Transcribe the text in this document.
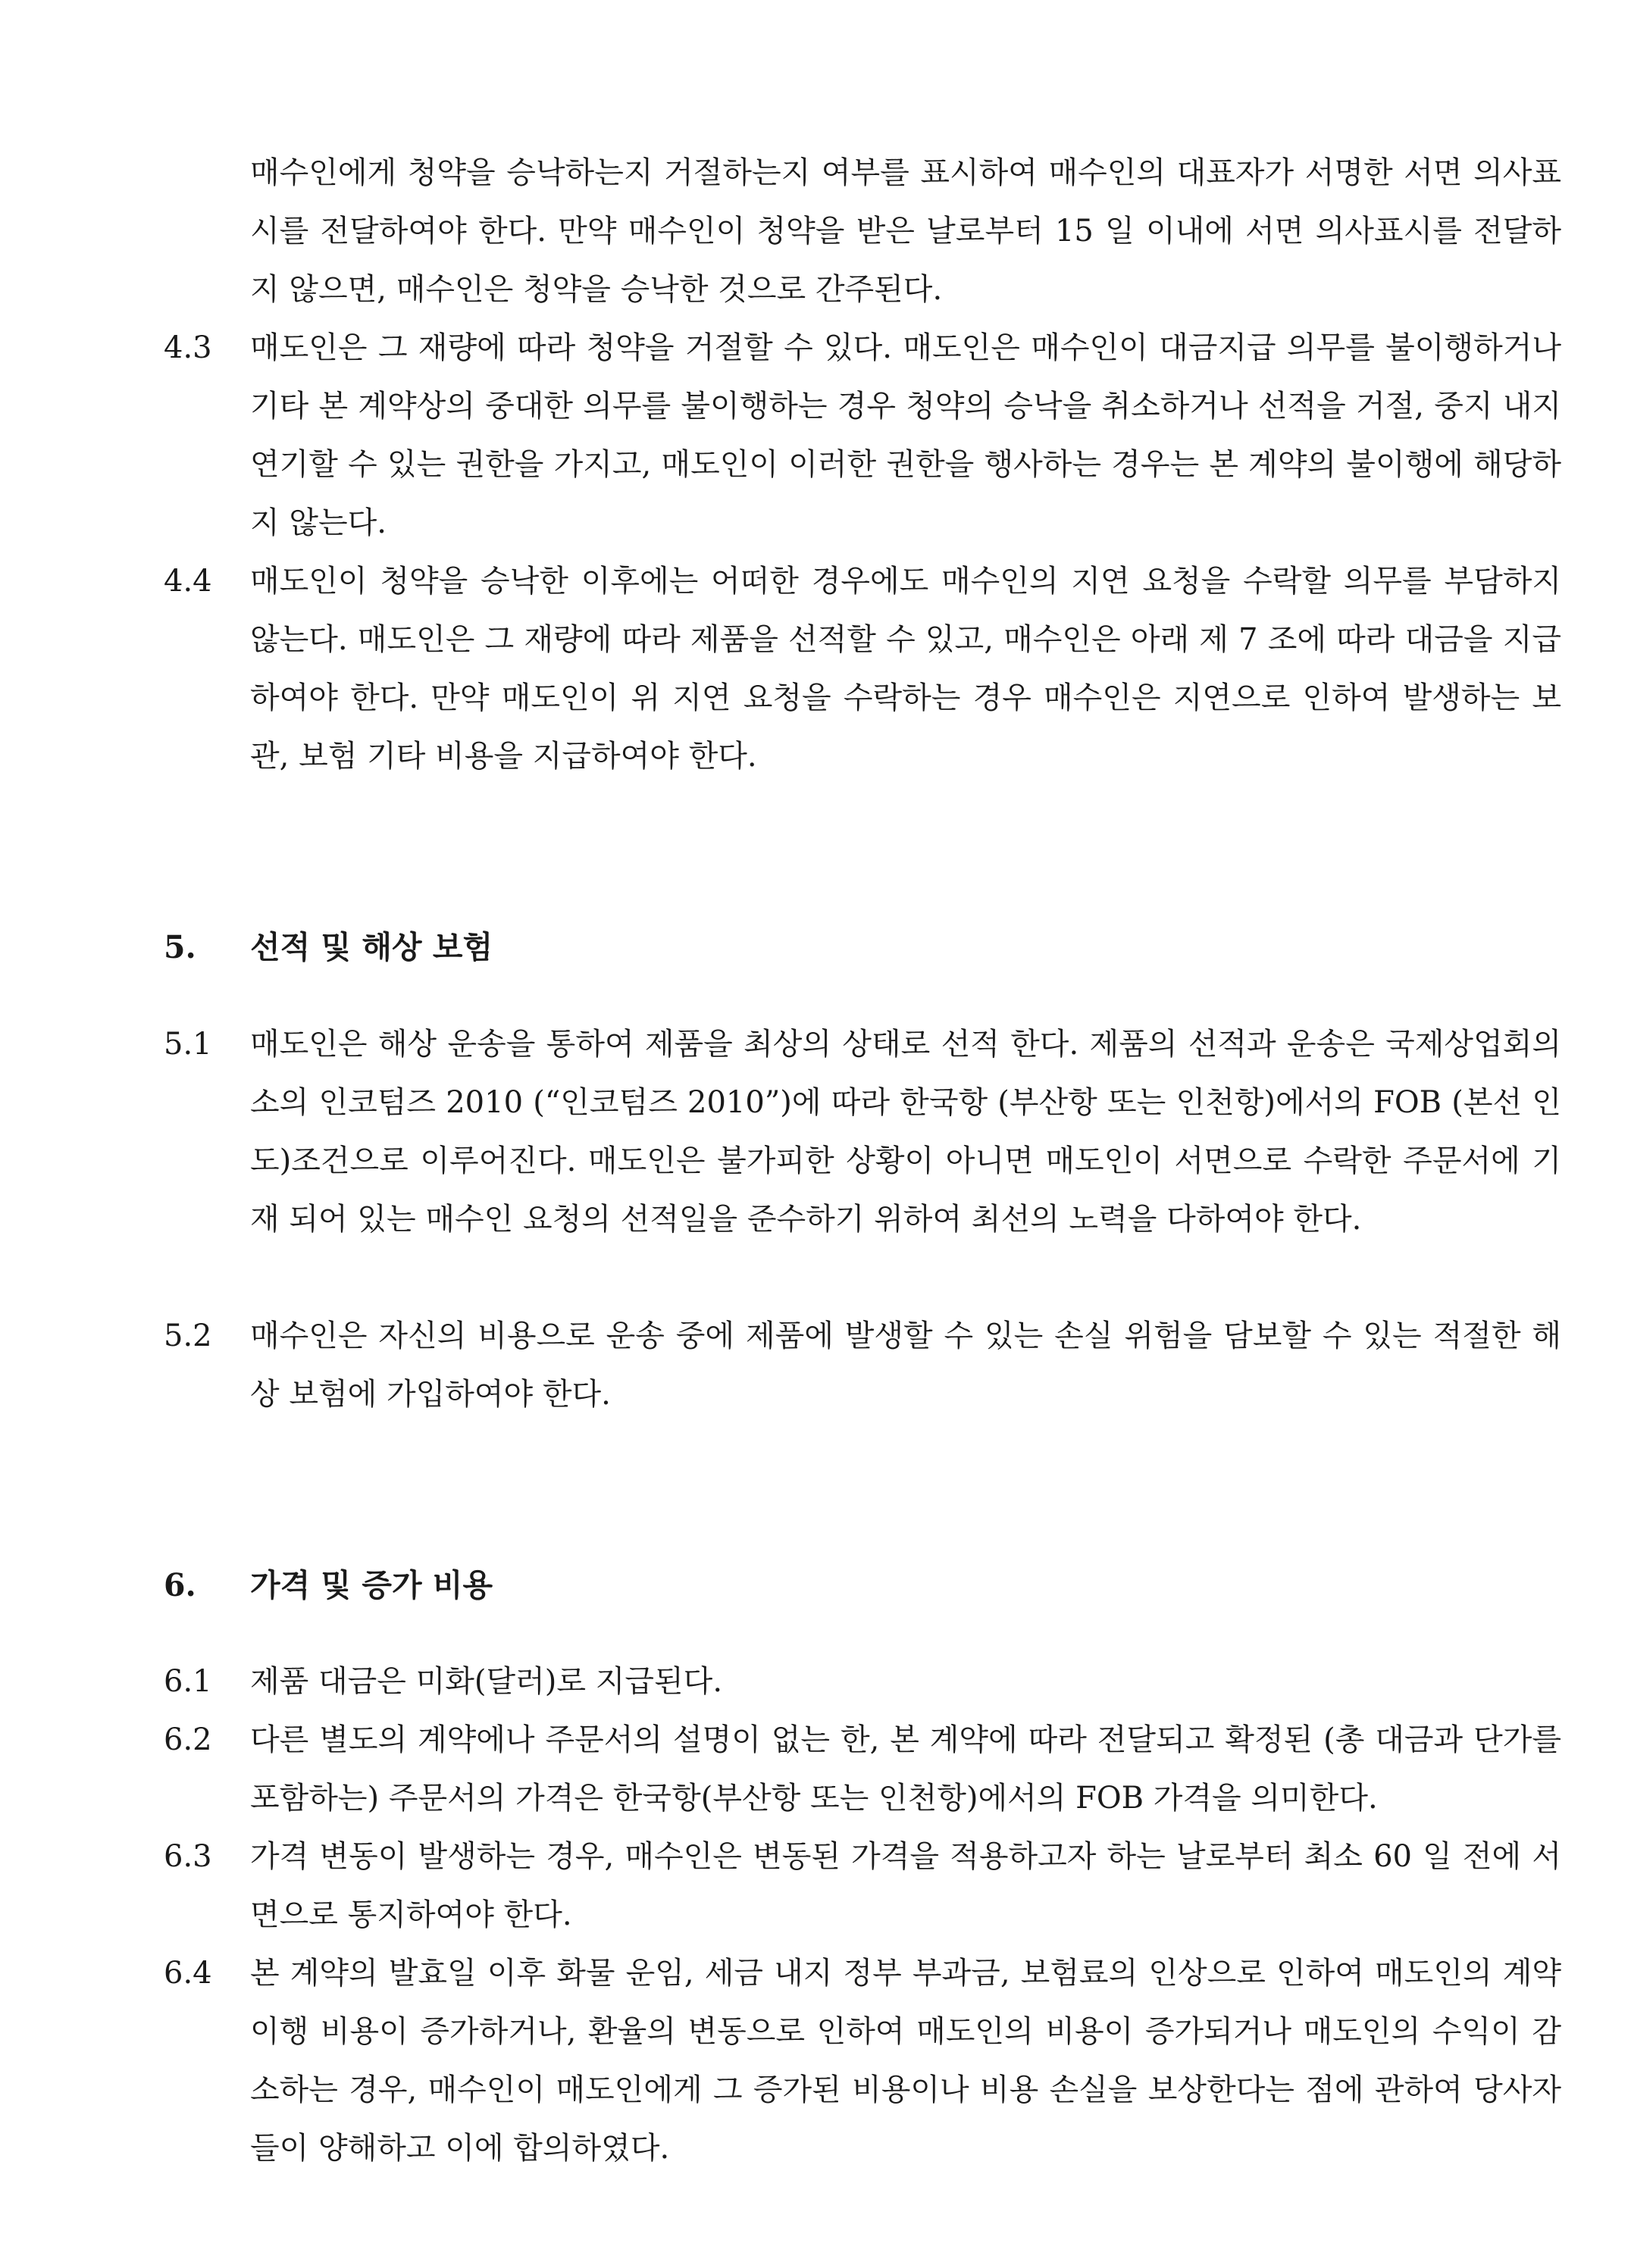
매수인에게 청약을 승낙하는지 거절하는지 여부를 표시하여 매수인의 대표자가 서명한 서면 의사표시를 전달하여야 한다. 만약 매수인이 청약을 받은 날로부터 15 일 이내에 서면 의사표시를 전달하지 않으면, 매수인은 청약을 승낙한 것으로 간주된다.

4.3 매도인은 그 재량에 따라 청약을 거절할 수 있다. 매도인은 매수인이 대금지급 의무를 불이행하거나 기타 본 계약상의 중대한 의무를 불이행하는 경우 청약의 승낙을 취소하거나 선적을 거절, 중지 내지 연기할 수 있는 권한을 가지고, 매도인이 이러한 권한을 행사하는 경우는 본 계약의 불이행에 해당하지 않는다.

4.4 매도인이 청약을 승낙한 이후에는 어떠한 경우에도 매수인의 지연 요청을 수락할 의무를 부담하지 않는다. 매도인은 그 재량에 따라 제품을 선적할 수 있고, 매수인은 아래 제 7 조에 따라 대금을 지급하여야 한다. 만약 매도인이 위 지연 요청을 수락하는 경우 매수인은 지연으로 인하여 발생하는 보관, 보험 기타 비용을 지급하여야 한다.

5. 선적 및 해상 보험

5.1 매도인은 해상 운송을 통하여 제품을 최상의 상태로 선적 한다. 제품의 선적과 운송은 국제상업회의소의 인코텀즈 2010 (“인코텀즈 2010”)에 따라 한국항 (부산항 또는 인천항)에서의 FOB (본선 인도)조건으로 이루어진다. 매도인은 불가피한 상황이 아니면 매도인이 서면으로 수락한 주문서에 기재 되어 있는 매수인 요청의 선적일을 준수하기 위하여 최선의 노력을 다하여야 한다.

5.2 매수인은 자신의 비용으로 운송 중에 제품에 발생할 수 있는 손실 위험을 담보할 수 있는 적절한 해상 보험에 가입하여야 한다.

6. 가격 및 증가 비용

6.1 제품 대금은 미화(달러)로 지급된다.

6.2 다른 별도의 계약에나 주문서의 설명이 없는 한, 본 계약에 따라 전달되고 확정된 (총 대금과 단가를 포함하는) 주문서의 가격은 한국항(부산항 또는 인천항)에서의 FOB 가격을 의미한다.

6.3 가격 변동이 발생하는 경우, 매수인은 변동된 가격을 적용하고자 하는 날로부터 최소 60 일 전에 서면으로 통지하여야 한다.

6.4 본 계약의 발효일 이후 화물 운임, 세금 내지 정부 부과금, 보험료의 인상으로 인하여 매도인의 계약 이행 비용이 증가하거나, 환율의 변동으로 인하여 매도인의 비용이 증가되거나 매도인의 수익이 감소하는 경우, 매수인이 매도인에게 그 증가된 비용이나 비용 손실을 보상한다는 점에 관하여 당사자들이 양해하고 이에 합의하였다.
